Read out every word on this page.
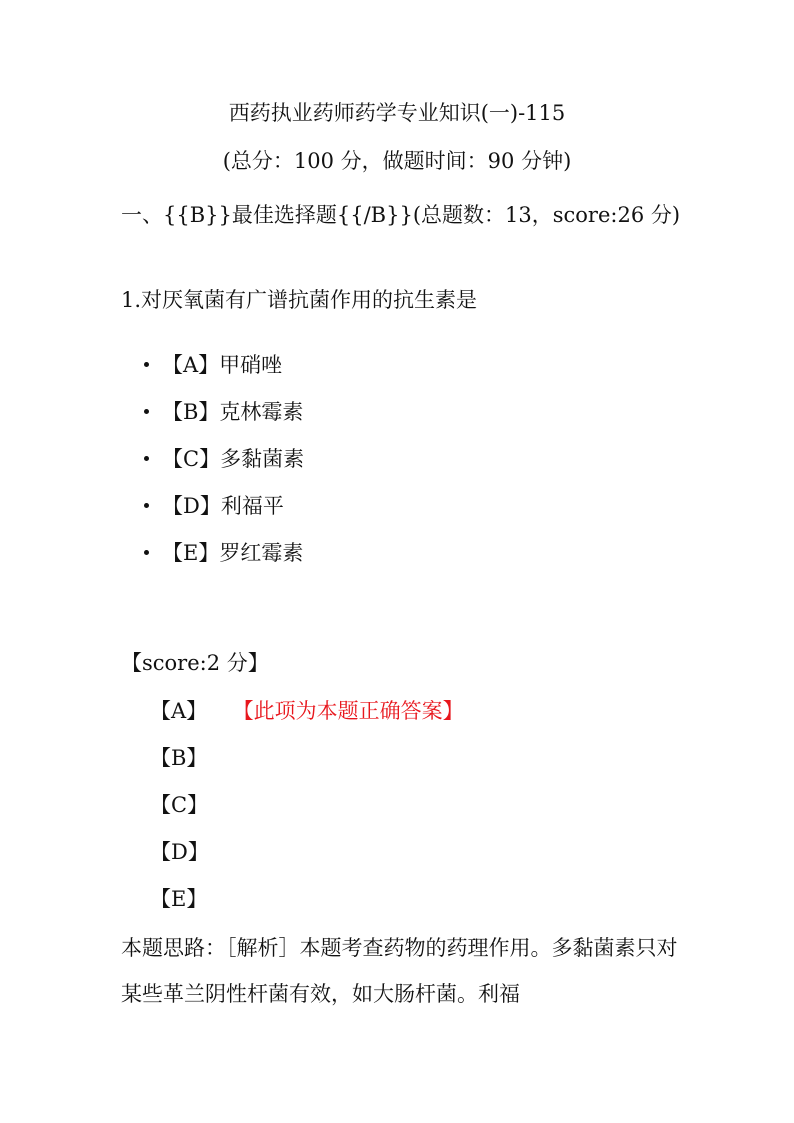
西药执业药师药学专业知识(一)-115
(总分：100 分，做题时间：90 分钟)
一、{{B}}最佳选择题{{/B}}(总题数：13，score:26 分)
1.对厌氧菌有广谱抗菌作用的抗生素是
【A】甲硝唑
【B】克林霉素
【C】多黏菌素
【D】利福平
【E】罗红霉素
【score:2 分】
【A】 【此项为本题正确答案】
【B】
【C】
【D】
【E】
本题思路：［解析］本题考查药物的药理作用。多黏菌素只对某些革兰阴性杆菌有效，如大肠杆菌。利福
